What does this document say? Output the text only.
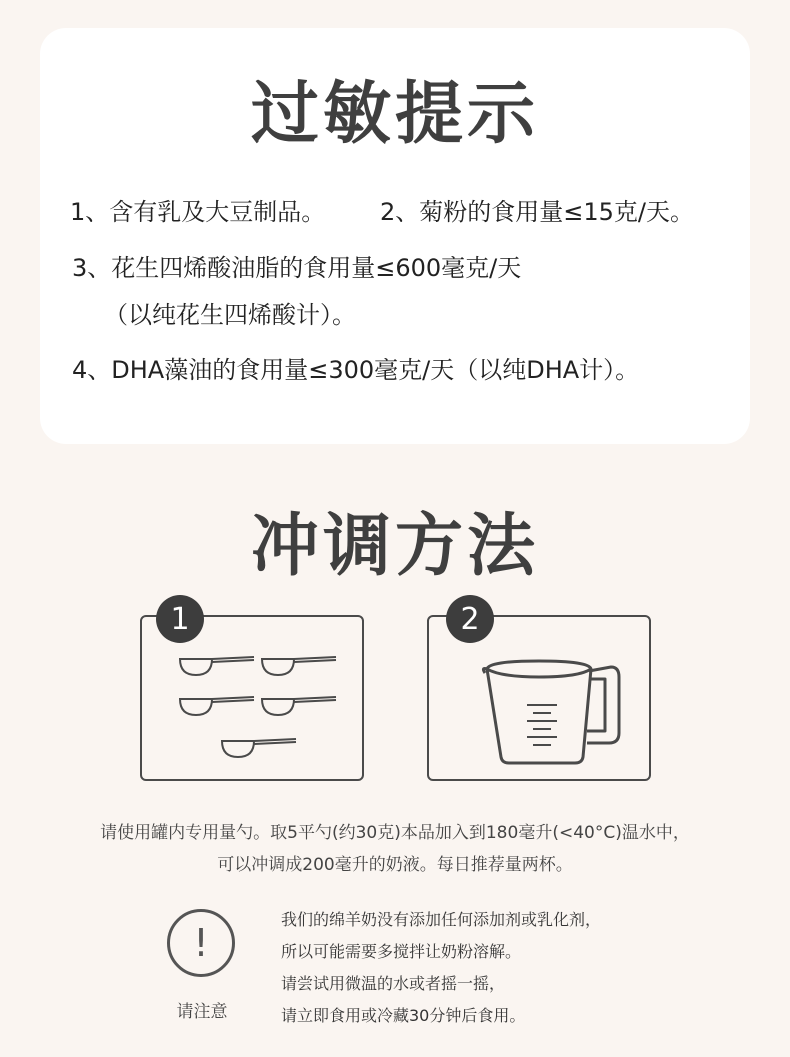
过敏提示
1、含有乳及大豆制品。 2、菊粉的食用量≤15克/天。
3、花生四烯酸油脂的食用量≤600毫克/天
（以纯花生四烯酸计）。
4、DHA藻油的食用量≤300毫克/天（以纯DHA计）。
冲调方法
1	2
请使用罐内专用量勺。取5平勺(约30克)本品加入到180毫升(<40°C)温水中，
可以冲调成200毫升的奶液。每日推荐量两杯。
!
请注意
我们的绵羊奶没有添加任何添加剂或乳化剂，
所以可能需要多搅拌让奶粉溶解。
请尝试用微温的水或者摇一摇，
请立即食用或冷藏30分钟后食用。
